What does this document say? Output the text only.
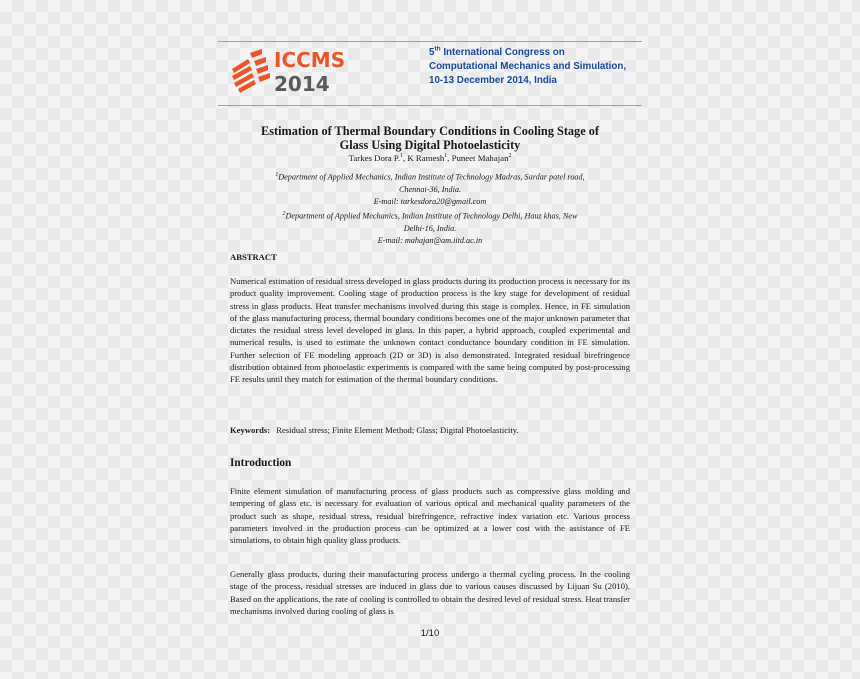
ICCMS
2014
5th International Congress on
Computational Mechanics and Simulation,
10-13 December 2014, India
Estimation of Thermal Boundary Conditions in Cooling Stage of
Glass Using Digital Photoelasticity
Tarkes Dora P.$^1$, K Ramesh$^1$, Puneet Mahajan$^2$
$^1$Department of Applied Mechanics, Indian Institute of Technology Madras, Sardar patel road,
Chennai-36, India.
E-mail: tarkesdora20@gmail.com
$^2$Department of Applied Mechanics, Indian Institute of Technology Delhi, Hauz khas, New
Delhi-16, India.
E-mail: mahajan@am.iitd.ac.in
ABSTRACT

Numerical estimation of residual stress developed in glass products during its production process is necessary for its product quality improvement. Cooling stage of production process is the key stage for development of residual stress in glass products. Heat transfer mechanisms involved during this stage is complex. Hence, in FE simulation of the glass manufacturing process, thermal boundary conditions becomes one of the major unknown parameter that dictates the residual stress level developed in glass. In this paper, a hybrid approach, coupled experimental and numerical results, is used to estimate the unknown contact conductance boundary condition in FE simulation. Further selection of FE modeling approach (2D or 3D) is also demonstrated. Integrated residual birefringence distribution obtained from photoelastic experiments is compared with the same being computed by post-processing FE results until they match for estimation of the thermal boundary conditions.

Keywords: Residual stress; Finite Element Method; Glass; Digital Photoelasticity.
Introduction

Finite element simulation of manufacturing process of glass products such as compressive glass molding and tempering of glass etc. is necessary for evaluation of various optical and mechanical quality parameters of the product such as shape, residual stress, residual birefringence, refractive index variation etc. Various process parameters involved in the production process can be optimized at a lower cost with the assistance of FE simulations, to obtain high quality glass products.

Generally glass products, during their manufacturing process undergo a thermal cycling process. In the cooling stage of the process, residual stresses are induced in glass due to various causes discussed by Lijuan Su (2010). Based on the applications, the rate of cooling is controlled to obtain the desired level of residual stress. Heat transfer mechanisms involved during cooling of glass is

1/10
